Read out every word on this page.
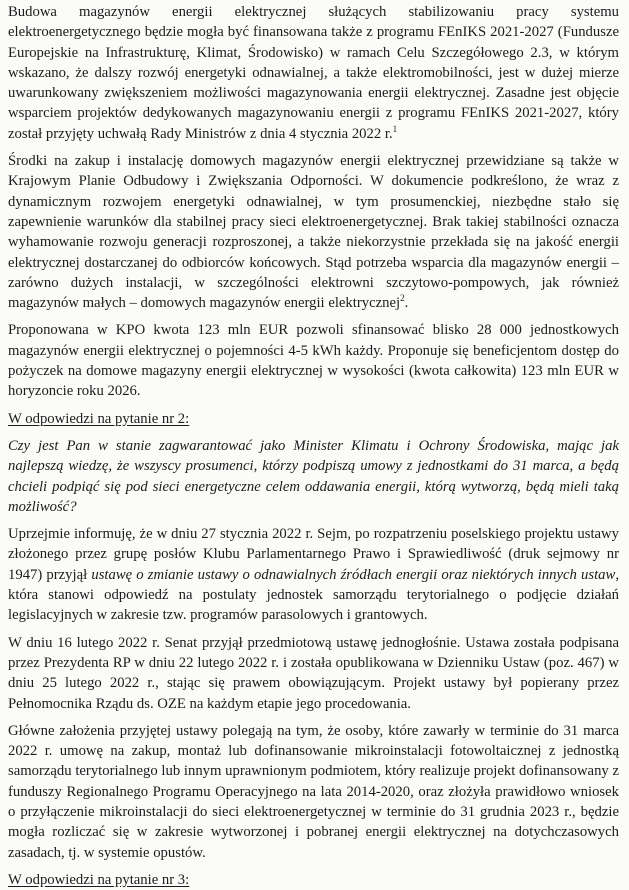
Budowa magazynów energii elektrycznej służących stabilizowaniu pracy systemu elektroenergetycznego będzie mogła być finansowana także z programu FEnIKS 2021-2027 (Fundusze Europejskie na Infrastrukturę, Klimat, Środowisko) w ramach Celu Szczegółowego 2.3, w którym wskazano, że dalszy rozwój energetyki odnawialnej, a także elektromobilności, jest w dużej mierze uwarunkowany zwiększeniem możliwości magazynowania energii elektrycznej. Zasadne jest objęcie wsparciem projektów dedykowanych magazynowaniu energii z programu FEnIKS 2021-2027, który został przyjęty uchwałą Rady Ministrów z dnia 4 stycznia 2022 r.$^1$

Środki na zakup i instalację domowych magazynów energii elektrycznej przewidziane są także w Krajowym Planie Odbudowy i Zwiększania Odporności. W dokumencie podkreślono, że wraz z dynamicznym rozwojem energetyki odnawialnej, w tym prosumenckiej, niezbędne stało się zapewnienie warunków dla stabilnej pracy sieci elektroenergetycznej. Brak takiej stabilności oznacza wyhamowanie rozwoju generacji rozproszonej, a także niekorzystnie przekłada się na jakość energii elektrycznej dostarczanej do odbiorców końcowych. Stąd potrzeba wsparcia dla magazynów energii – zarówno dużych instalacji, w szczególności elektrowni szczytowo-pompowych, jak również magazynów małych – domowych magazynów energii elektrycznej$^2$.

Proponowana w KPO kwota 123 mln EUR pozwoli sfinansować blisko 28 000 jednostkowych magazynów energii elektrycznej o pojemności 4-5 kWh każdy. Proponuje się beneficjentom dostęp do pożyczek na domowe magazyny energii elektrycznej w wysokości (kwota całkowita) 123 mln EUR w horyzoncie roku 2026.

W odpowiedzi na pytanie nr 2:

Czy jest Pan w stanie zagwarantować jako Minister Klimatu i Ochrony Środowiska, mając jak najlepszą wiedzę, że wszyscy prosumenci, którzy podpiszą umowy z jednostkami do 31 marca, a będą chcieli podpiąć się pod sieci energetyczne celem oddawania energii, którą wytworzą, będą mieli taką możliwość?

Uprzejmie informuję, że w dniu 27 stycznia 2022 r. Sejm, po rozpatrzeniu poselskiego projektu ustawy złożonego przez grupę posłów Klubu Parlamentarnego Prawo i Sprawiedliwość (druk sejmowy nr 1947) przyjął ustawę o zmianie ustawy o odnawialnych źródłach energii oraz niektórych innych ustaw, która stanowi odpowiedź na postulaty jednostek samorządu terytorialnego o podjęcie działań legislacyjnych w zakresie tzw. programów parasolowych i grantowych.

W dniu 16 lutego 2022 r. Senat przyjął przedmiotową ustawę jednogłośnie. Ustawa została podpisana przez Prezydenta RP w dniu 22 lutego 2022 r. i została opublikowana w Dzienniku Ustaw (poz. 467) w dniu 25 lutego 2022 r., stając się prawem obowiązującym. Projekt ustawy był popierany przez Pełnomocnika Rządu ds. OZE na każdym etapie jego procedowania.

Główne założenia przyjętej ustawy polegają na tym, że osoby, które zawarły w terminie do 31 marca 2022 r. umowę na zakup, montaż lub dofinansowanie mikroinstalacji fotowoltaicznej z jednostką samorządu terytorialnego lub innym uprawnionym podmiotem, który realizuje projekt dofinansowany z funduszy Regionalnego Programu Operacyjnego na lata 2014-2020, oraz złożyła prawidłowo wniosek o przyłączenie mikroinstalacji do sieci elektroenergetycznej w terminie do 31 grudnia 2023 r., będzie mogła rozliczać się w zakresie wytworzonej i pobranej energii elektrycznej na dotychczasowych zasadach, tj. w systemie opustów.

W odpowiedzi na pytanie nr 3:
